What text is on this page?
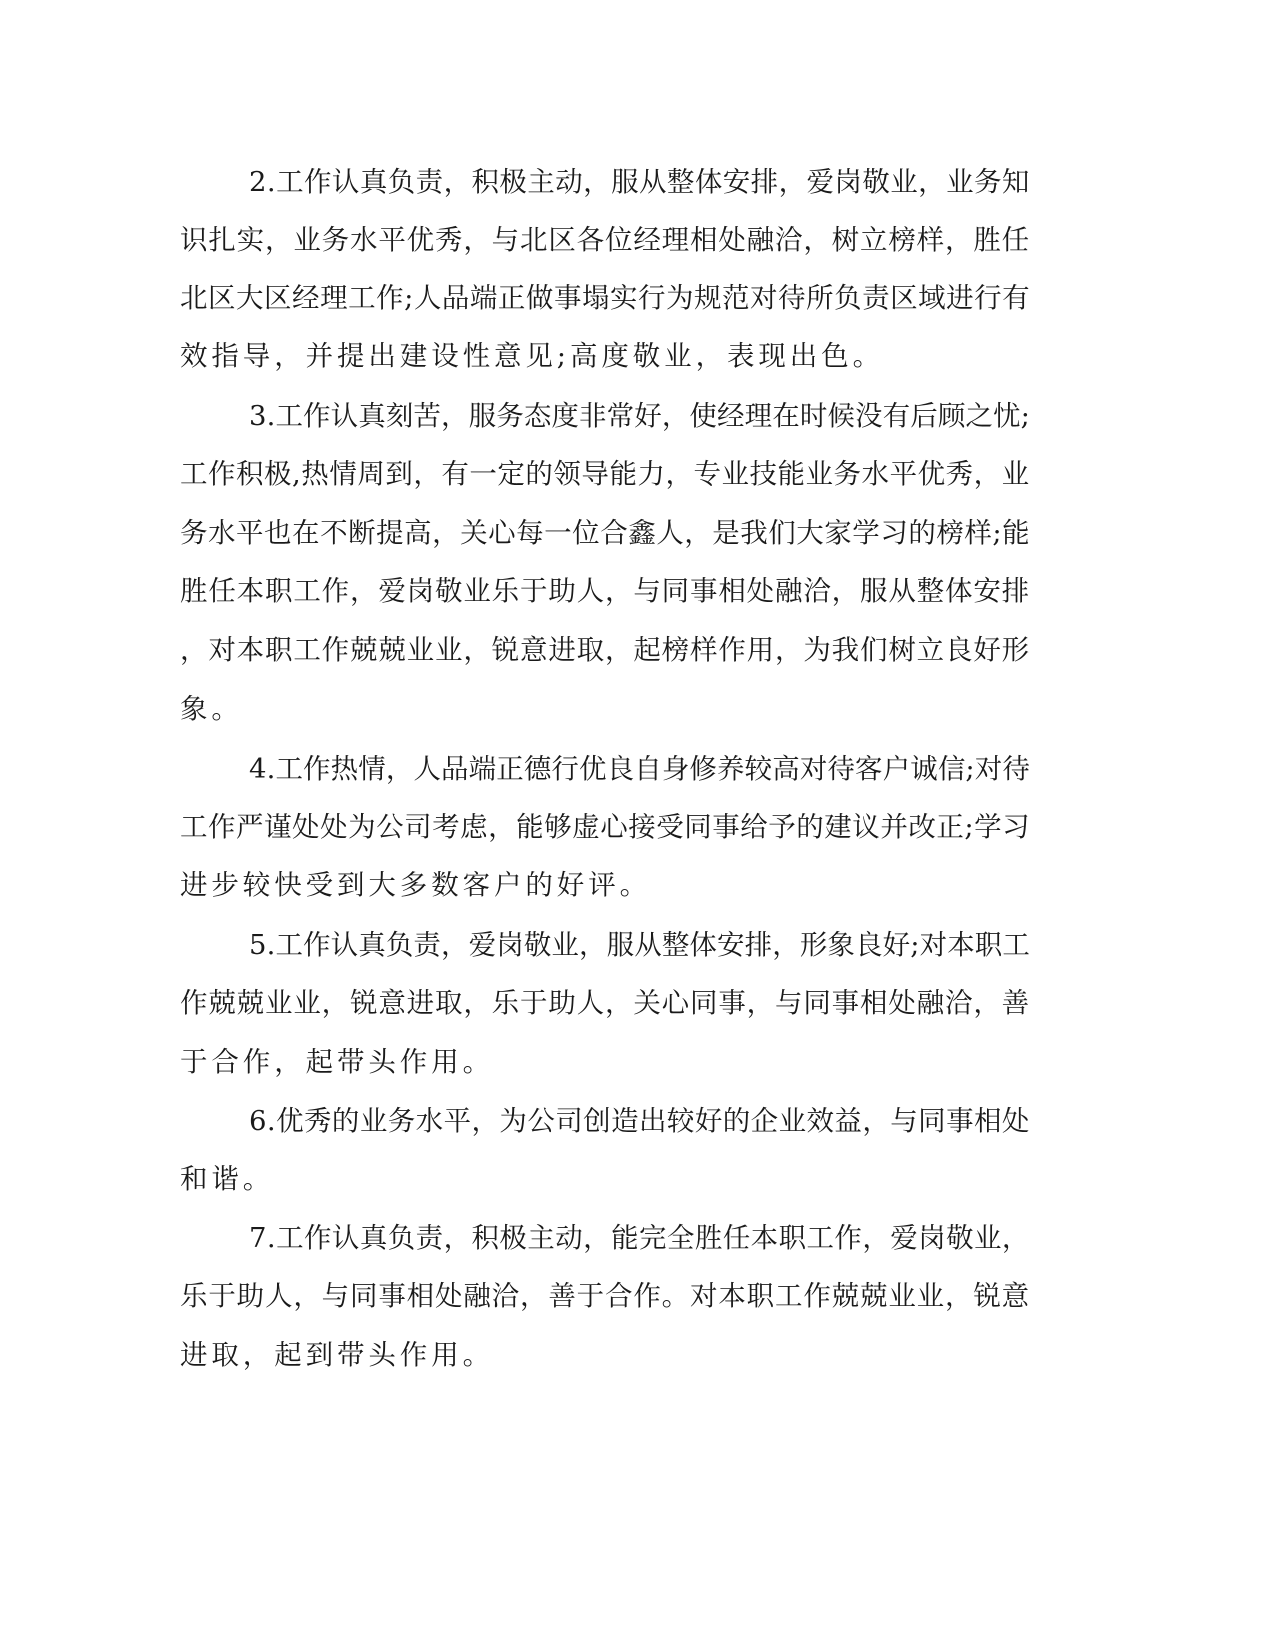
2.工作认真负责，积极主动，服从整体安排，爱岗敬业，业务知

识扎实，业务水平优秀，与北区各位经理相处融洽，树立榜样，胜任

北区大区经理工作;人品端正做事塌实行为规范对待所负责区域进行有

效指导，并提出建设性意见;高度敬业，表现出色。

3.工作认真刻苦，服务态度非常好，使经理在时候没有后顾之忧;

工作积极,热情周到，有一定的领导能力，专业技能业务水平优秀，业

务水平也在不断提高，关心每一位合鑫人，是我们大家学习的榜样;能

胜任本职工作，爱岗敬业乐于助人，与同事相处融洽，服从整体安排

，对本职工作兢兢业业，锐意进取，起榜样作用，为我们树立良好形

象。

4.工作热情，人品端正德行优良自身修养较高对待客户诚信;对待

工作严谨处处为公司考虑，能够虚心接受同事给予的建议并改正;学习

进步较快受到大多数客户的好评。

5.工作认真负责，爱岗敬业，服从整体安排，形象良好;对本职工

作兢兢业业，锐意进取，乐于助人，关心同事，与同事相处融洽，善

于合作，起带头作用。

6.优秀的业务水平，为公司创造出较好的企业效益，与同事相处

和谐。

7.工作认真负责，积极主动，能完全胜任本职工作，爱岗敬业，

乐于助人，与同事相处融洽，善于合作。对本职工作兢兢业业，锐意

进取，起到带头作用。
